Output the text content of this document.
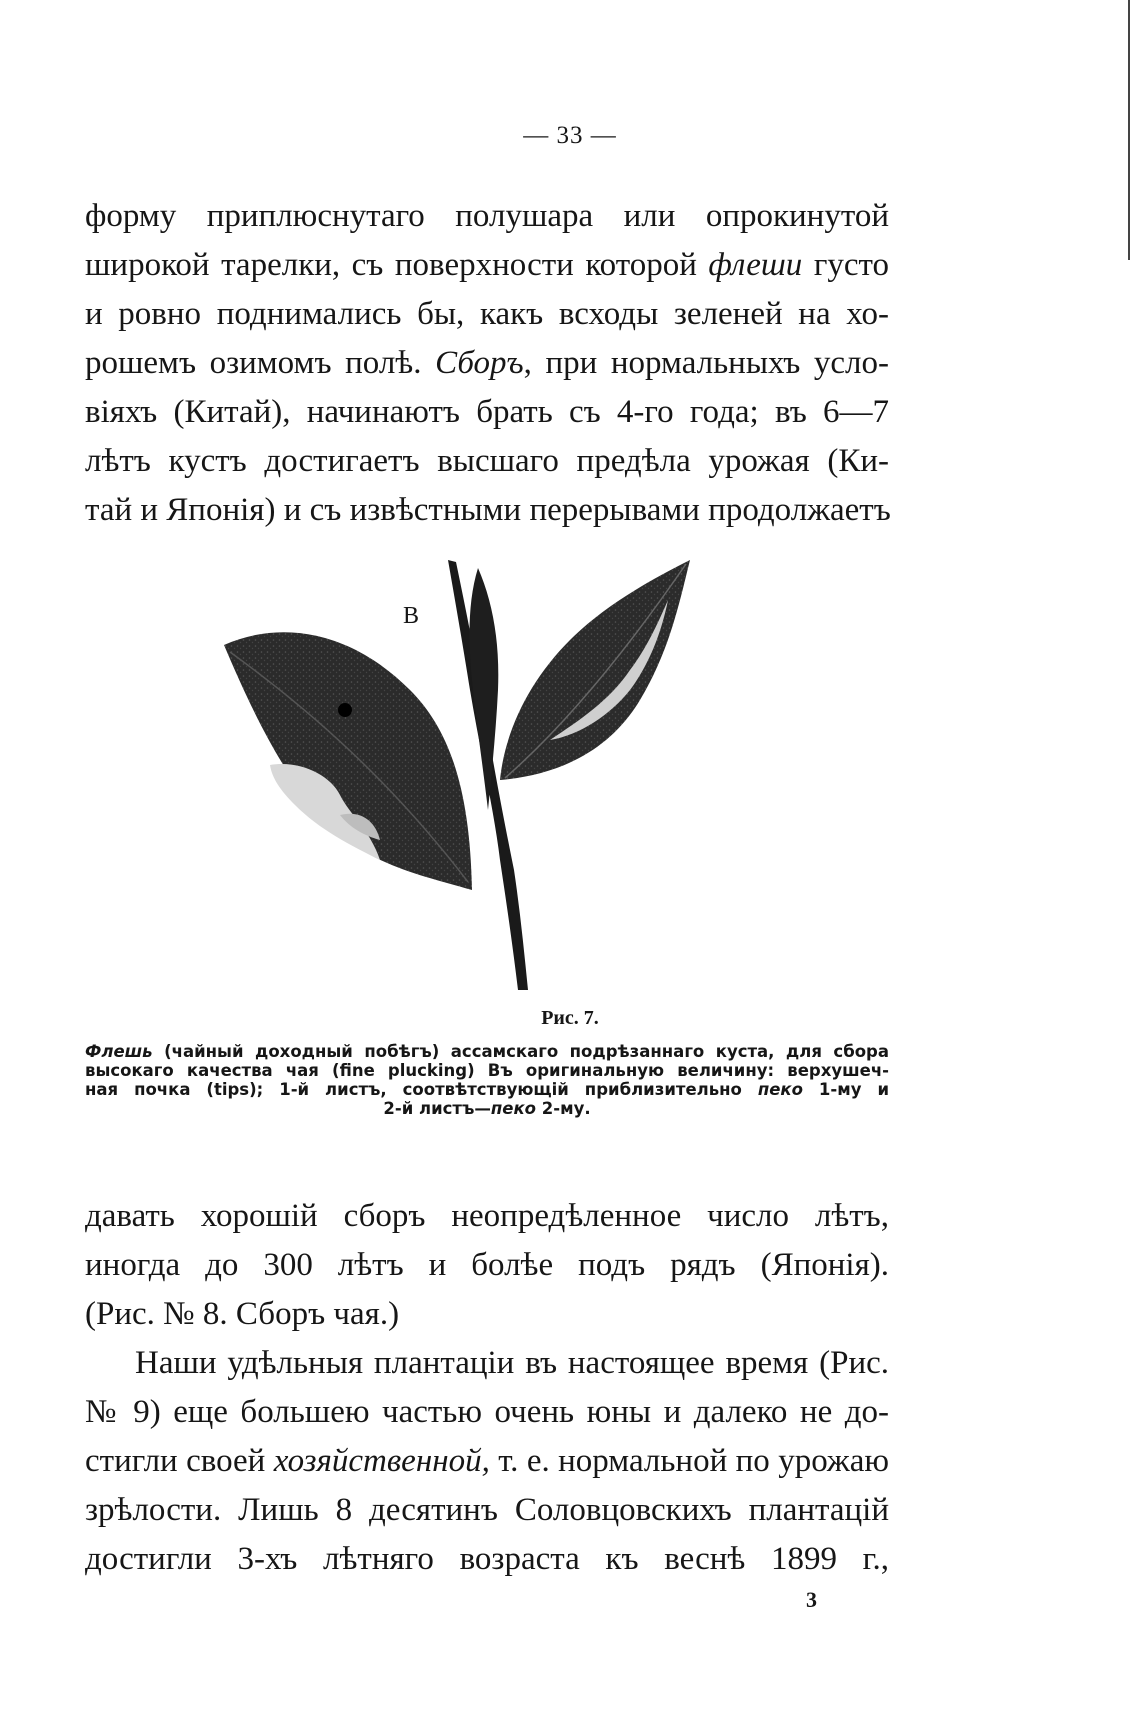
— 33 —
форму приплюснутаго полушара или опрокинутой
широкой тарелки, съ поверхности которой флеши густо
и ровно поднимались бы, какъ всходы зеленей на хо-
рошемъ озимомъ полѣ. Сборъ, при нормальныхъ усло-
віяхъ (Китай), начинаютъ брать съ 4-го года; въ 6—7
лѣтъ кустъ достигаетъ высшаго предѣла урожая (Ки-
тай и Японія) и съ извѣстными перерывами продолжаетъ
В
Рис. 7.
Флешь (чайный доходный побѣгъ) ассамскаго подрѣзаннаго куста, для сбора
высокаго качества чая (fine plucking) Въ оригинальную величину: верхушеч-
ная почка (tips); 1-й листъ, соотвѣтствующій приблизительно пеко 1-му и
2-й листъ—пеко 2-му.
давать хорошій сборъ неопредѣленное число лѣтъ,
иногда до 300 лѣтъ и болѣе подъ рядъ (Японія).
(Рис. № 8. Сборъ чая.)
Наши удѣльныя плантаціи въ настоящее время (Рис.
№ 9) еще большею частью очень юны и далеко не до-
стигли своей хозяйственной, т. е. нормальной по урожаю
зрѣлости. Лишь 8 десятинъ Соловцовскихъ плантацій
достигли 3-хъ лѣтняго возраста къ веснѣ 1899 г.,
3
